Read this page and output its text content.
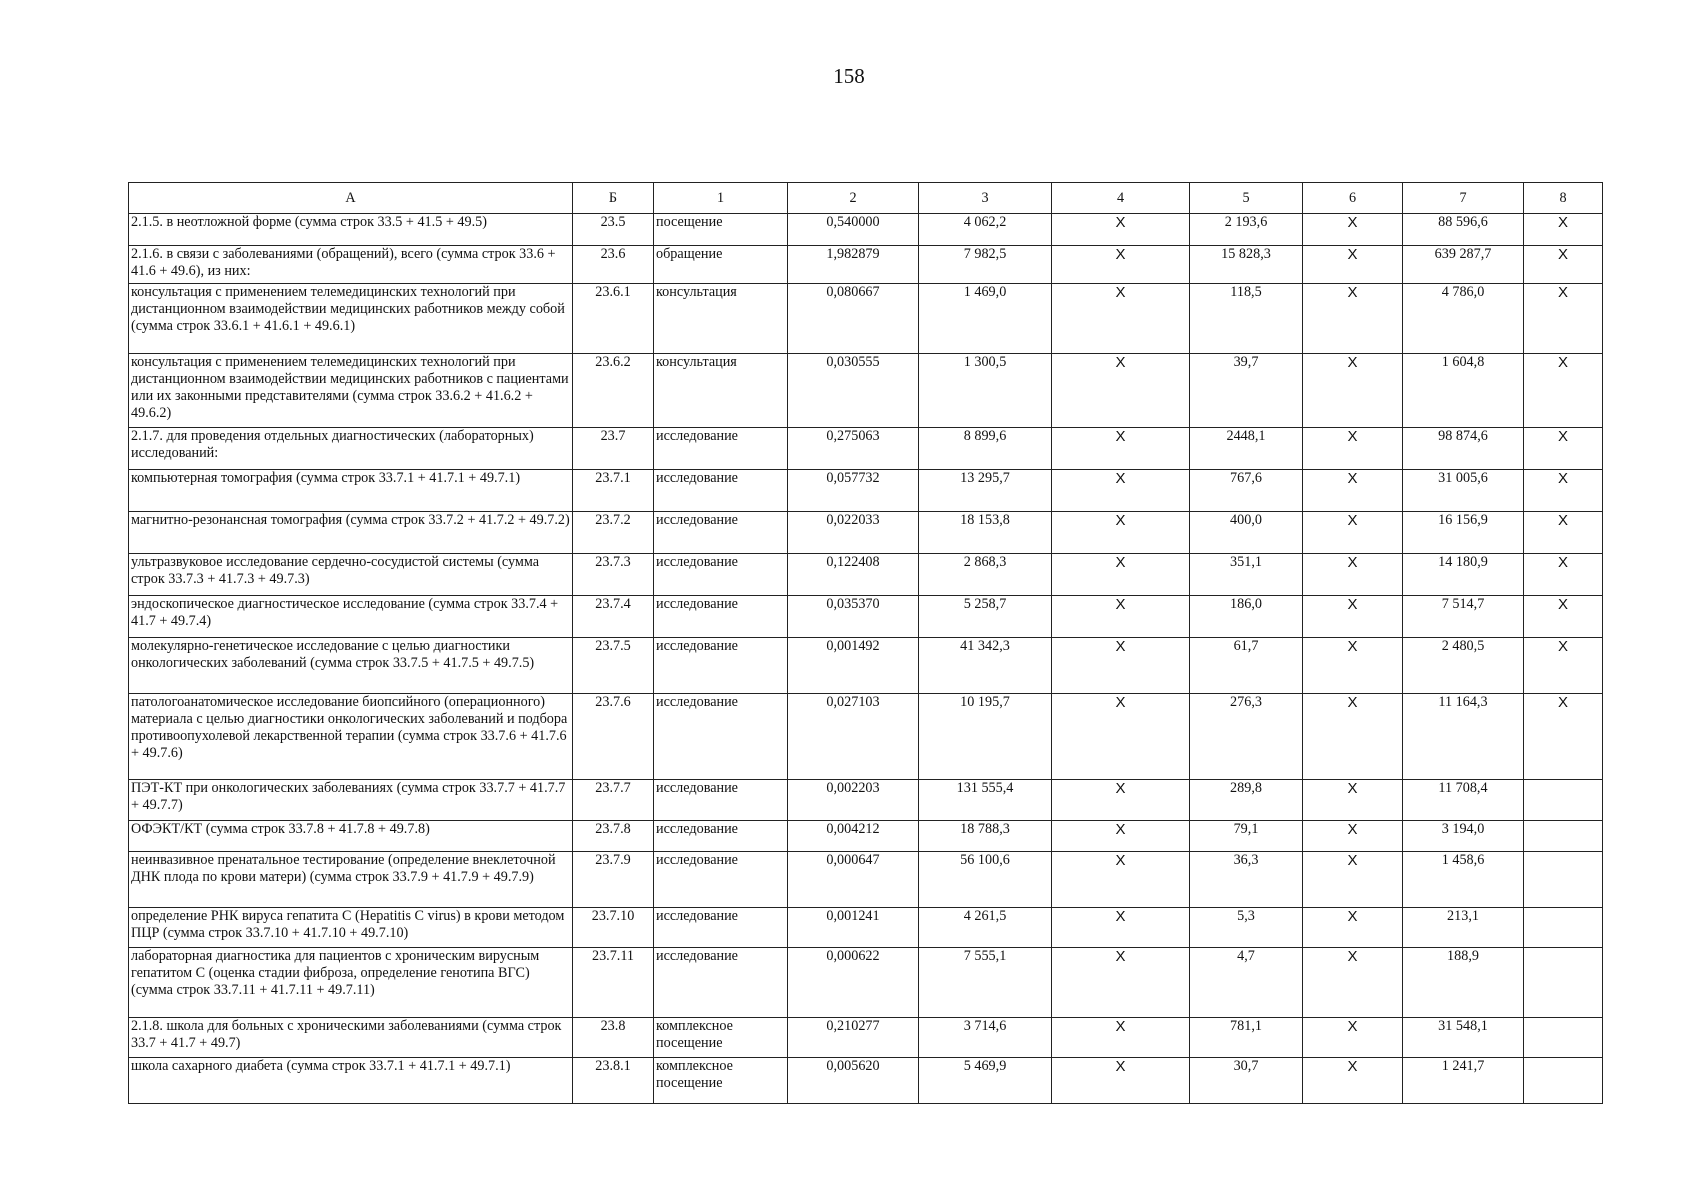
158
А	Б	1	2	3	4	5	6	7	8
2.1.5. в неотложной форме (сумма строк 33.5 + 41.5 + 49.5)	23.5	посещение	0,540000	4 062,2	X	2 193,6	X	88 596,6	X
2.1.6. в связи с заболеваниями (обращений), всего (сумма строк 33.6 + 41.6 + 49.6), из них:	23.6	обращение	1,982879	7 982,5	X	15 828,3	X	639 287,7	X
консультация с применением телемедицинских технологий при дистанционном взаимодействии медицинских работников между собой (сумма строк 33.6.1 + 41.6.1 + 49.6.1)	23.6.1	консультация	0,080667	1 469,0	X	118,5	X	4 786,0	X
консультация с применением телемедицинских технологий при дистанционном взаимодействии медицинских работников с пациентами или их законными представителями (сумма строк 33.6.2 + 41.6.2 + 49.6.2)	23.6.2	консультация	0,030555	1 300,5	X	39,7	X	1 604,8	X
2.1.7. для проведения отдельных диагностических (лабораторных) исследований:	23.7	исследование	0,275063	8 899,6	X	2448,1	X	98 874,6	X
компьютерная томография (сумма строк 33.7.1 + 41.7.1 + 49.7.1)	23.7.1	исследование	0,057732	13 295,7	X	767,6	X	31 005,6	X
магнитно-резонансная томография (сумма строк 33.7.2 + 41.7.2 + 49.7.2)	23.7.2	исследование	0,022033	18 153,8	X	400,0	X	16 156,9	X
ультразвуковое исследование сердечно-сосудистой системы (сумма строк 33.7.3 + 41.7.3 + 49.7.3)	23.7.3	исследование	0,122408	2 868,3	X	351,1	X	14 180,9	X
эндоскопическое диагностическое исследование (сумма строк 33.7.4 + 41.7 + 49.7.4)	23.7.4	исследование	0,035370	5 258,7	X	186,0	X	7 514,7	X
молекулярно-генетическое исследование с целью диагностики онкологических заболеваний (сумма строк 33.7.5 + 41.7.5 + 49.7.5)	23.7.5	исследование	0,001492	41 342,3	X	61,7	X	2 480,5	X
патологоанатомическое исследование биопсийного (операционного) материала с целью диагностики онкологических заболеваний и подбора противоопухолевой лекарственной терапии (сумма строк 33.7.6 + 41.7.6 + 49.7.6)	23.7.6	исследование	0,027103	10 195,7	X	276,3	X	11 164,3	X
ПЭТ-КТ при онкологических заболеваниях (сумма строк 33.7.7 + 41.7.7 + 49.7.7)	23.7.7	исследование	0,002203	131 555,4	X	289,8	X	11 708,4	
ОФЭКТ/КТ (сумма строк 33.7.8 + 41.7.8 + 49.7.8)	23.7.8	исследование	0,004212	18 788,3	X	79,1	X	3 194,0	
неинвазивное пренатальное тестирование (определение внеклеточной ДНК плода по крови матери) (сумма строк 33.7.9 + 41.7.9 + 49.7.9)	23.7.9	исследование	0,000647	56 100,6	X	36,3	X	1 458,6	
определение РНК вируса гепатита С (Hepatitis C virus) в крови методом ПЦР (сумма строк 33.7.10 + 41.7.10 + 49.7.10)	23.7.10	исследование	0,001241	4 261,5	X	5,3	X	213,1	
лабораторная диагностика для пациентов с хроническим вирусным гепатитом С (оценка стадии фиброза, определение генотипа ВГС) (сумма строк 33.7.11 + 41.7.11 + 49.7.11)	23.7.11	исследование	0,000622	7 555,1	X	4,7	X	188,9	
2.1.8. школа для больных с хроническими заболеваниями (сумма строк 33.7 + 41.7 + 49.7)	23.8	комплексное посещение	0,210277	3 714,6	X	781,1	X	31 548,1	
школа сахарного диабета (сумма строк 33.7.1 + 41.7.1 + 49.7.1)	23.8.1	комплексное посещение	0,005620	5 469,9	X	30,7	X	1 241,7	
